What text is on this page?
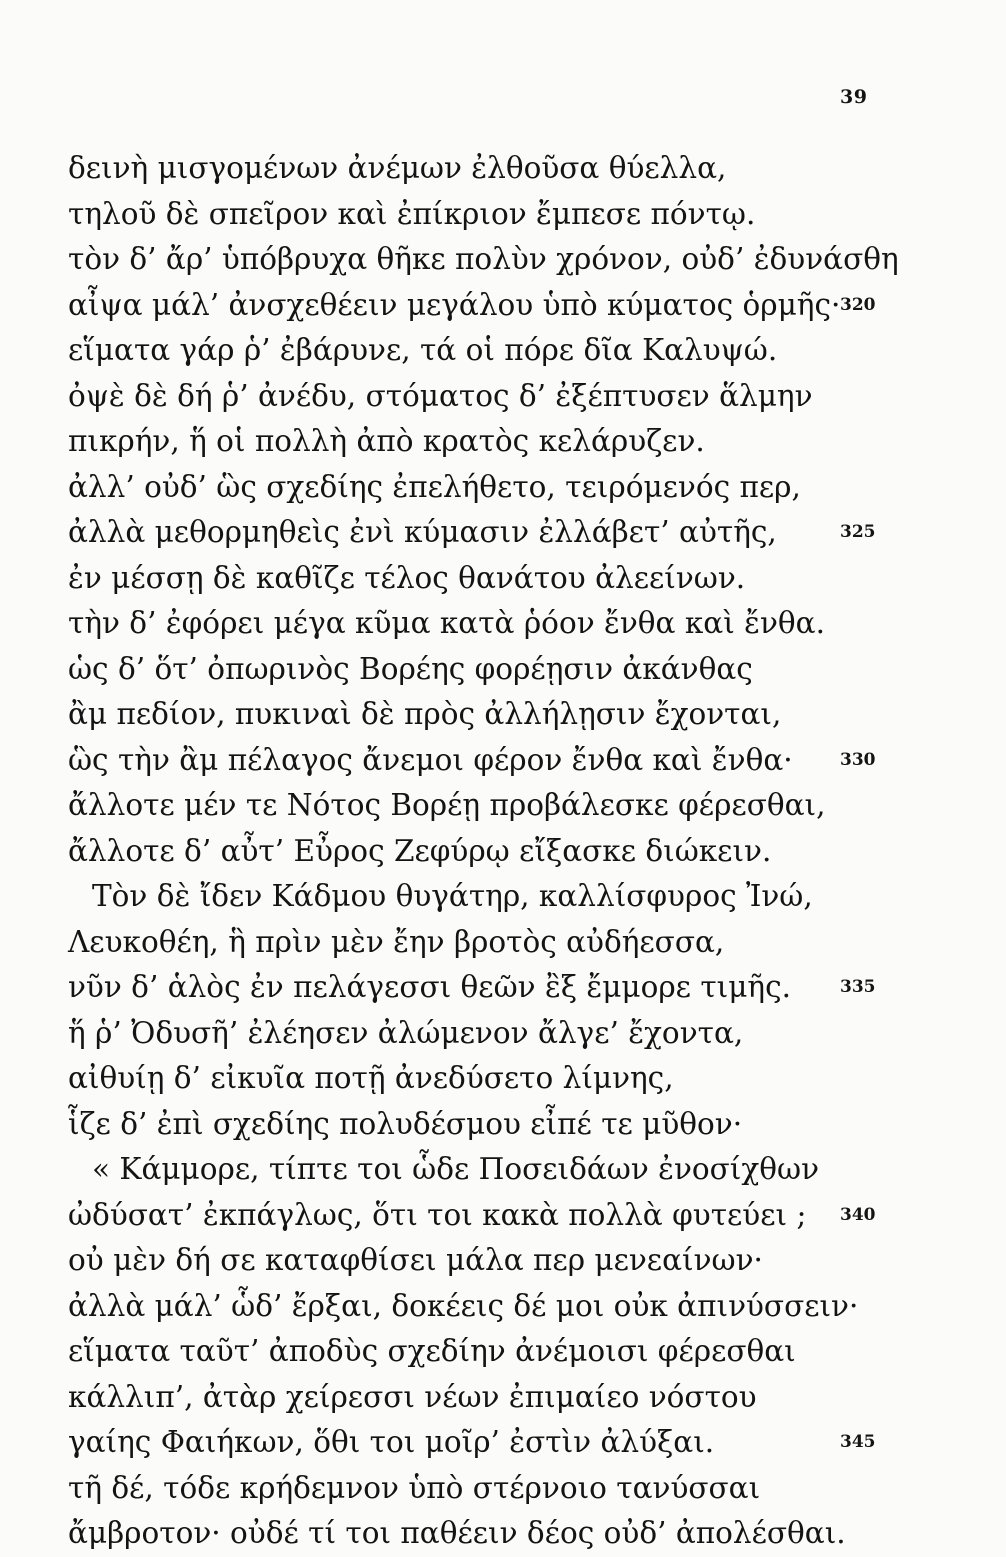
39
δεινὴ μισγομένων ἀνέμων ἐλθοῦσα θύελλα,
τηλοῦ δὲ σπεῖρον καὶ ἐπίκριον ἔμπεσε πόντῳ.
τὸν δ’ ἄρ’ ὑπόβρυχα θῆκε πολὺν χρόνον, οὐδ’ ἐδυνάσθη
αἶψα μάλ’ ἀνσχεθέειν μεγάλου ὑπὸ κύματος ὁρμῆς· 320
εἵματα γάρ ῥ’ ἐβάρυνε, τά οἱ πόρε δῖα Καλυψώ.
ὀψὲ δὲ δή ῥ’ ἀνέδυ, στόματος δ’ ἐξέπτυσεν ἅλμην
πικρήν, ἥ οἱ πολλὴ ἀπὸ κρατὸς κελάρυζεν.
ἀλλ’ οὐδ’ ὣς σχεδίης ἐπελήθετο, τειρόμενός περ,
ἀλλὰ μεθορμηθεὶς ἐνὶ κύμασιν ἐλλάβετ’ αὐτῆς,	325
ἐν μέσσῃ δὲ καθῖζε τέλος θανάτου ἀλεείνων.
τὴν δ’ ἐφόρει μέγα κῦμα κατὰ ῥόον ἔνθα καὶ ἔνθα.
ὡς δ’ ὅτ’ ὀπωρινὸς Βορέης φορέῃσιν ἀκάνθας
ἂμ πεδίον, πυκιναὶ δὲ πρὸς ἀλλήλῃσιν ἔχονται,
ὣς τὴν ἂμ πέλαγος ἄνεμοι φέρον ἔνθα καὶ ἔνθα·	330
ἄλλοτε μέν τε Νότος Βορέῃ προβάλεσκε φέρεσθαι,
ἄλλοτε δ’ αὖτ’ Εὖρος Ζεφύρῳ εἴξασκε διώκειν.
Τὸν δὲ ἴδεν Κάδμου θυγάτηρ, καλλίσφυρος Ἰνώ,
Λευκοθέη, ἣ πρὶν μὲν ἔην βροτὸς αὐδήεσσα,
νῦν δ’ ἁλὸς ἐν πελάγεσσι θεῶν ἒξ ἔμμορε τιμῆς.	335
ἥ ῥ’ Ὀδυσῆ’ ἐλέησεν ἀλώμενον ἄλγε’ ἔχοντα,
αἰθυίῃ δ’ εἰκυῖα ποτῇ ἀνεδύσετο λίμνης,
ἷζε δ’ ἐπὶ σχεδίης πολυδέσμου εἶπέ τε μῦθον·
« Κάμμορε, τίπτε τοι ὧδε Ποσειδάων ἐνοσίχθων
ὠδύσατ’ ἐκπάγλως, ὅτι τοι κακὰ πολλὰ φυτεύει ; 340
οὐ μὲν δή σε καταφθίσει μάλα περ μενεαίνων·
ἀλλὰ μάλ’ ὧδ’ ἔρξαι, δοκέεις δέ μοι οὐκ ἀπινύσσειν·
εἵματα ταῦτ’ ἀποδὺς σχεδίην ἀνέμοισι φέρεσθαι
κάλλιπ’, ἀτὰρ χείρεσσι νέων ἐπιμαίεο νόστου
γαίης Φαιήκων, ὅθι τοι μοῖρ’ ἐστὶν ἀλύξαι.	345
τῆ δέ, τόδε κρήδεμνον ὑπὸ στέρνοιο τανύσσαι
ἄμβροτον· οὐδέ τί τοι παθέειν δέος οὐδ’ ἀπολέσθαι.
